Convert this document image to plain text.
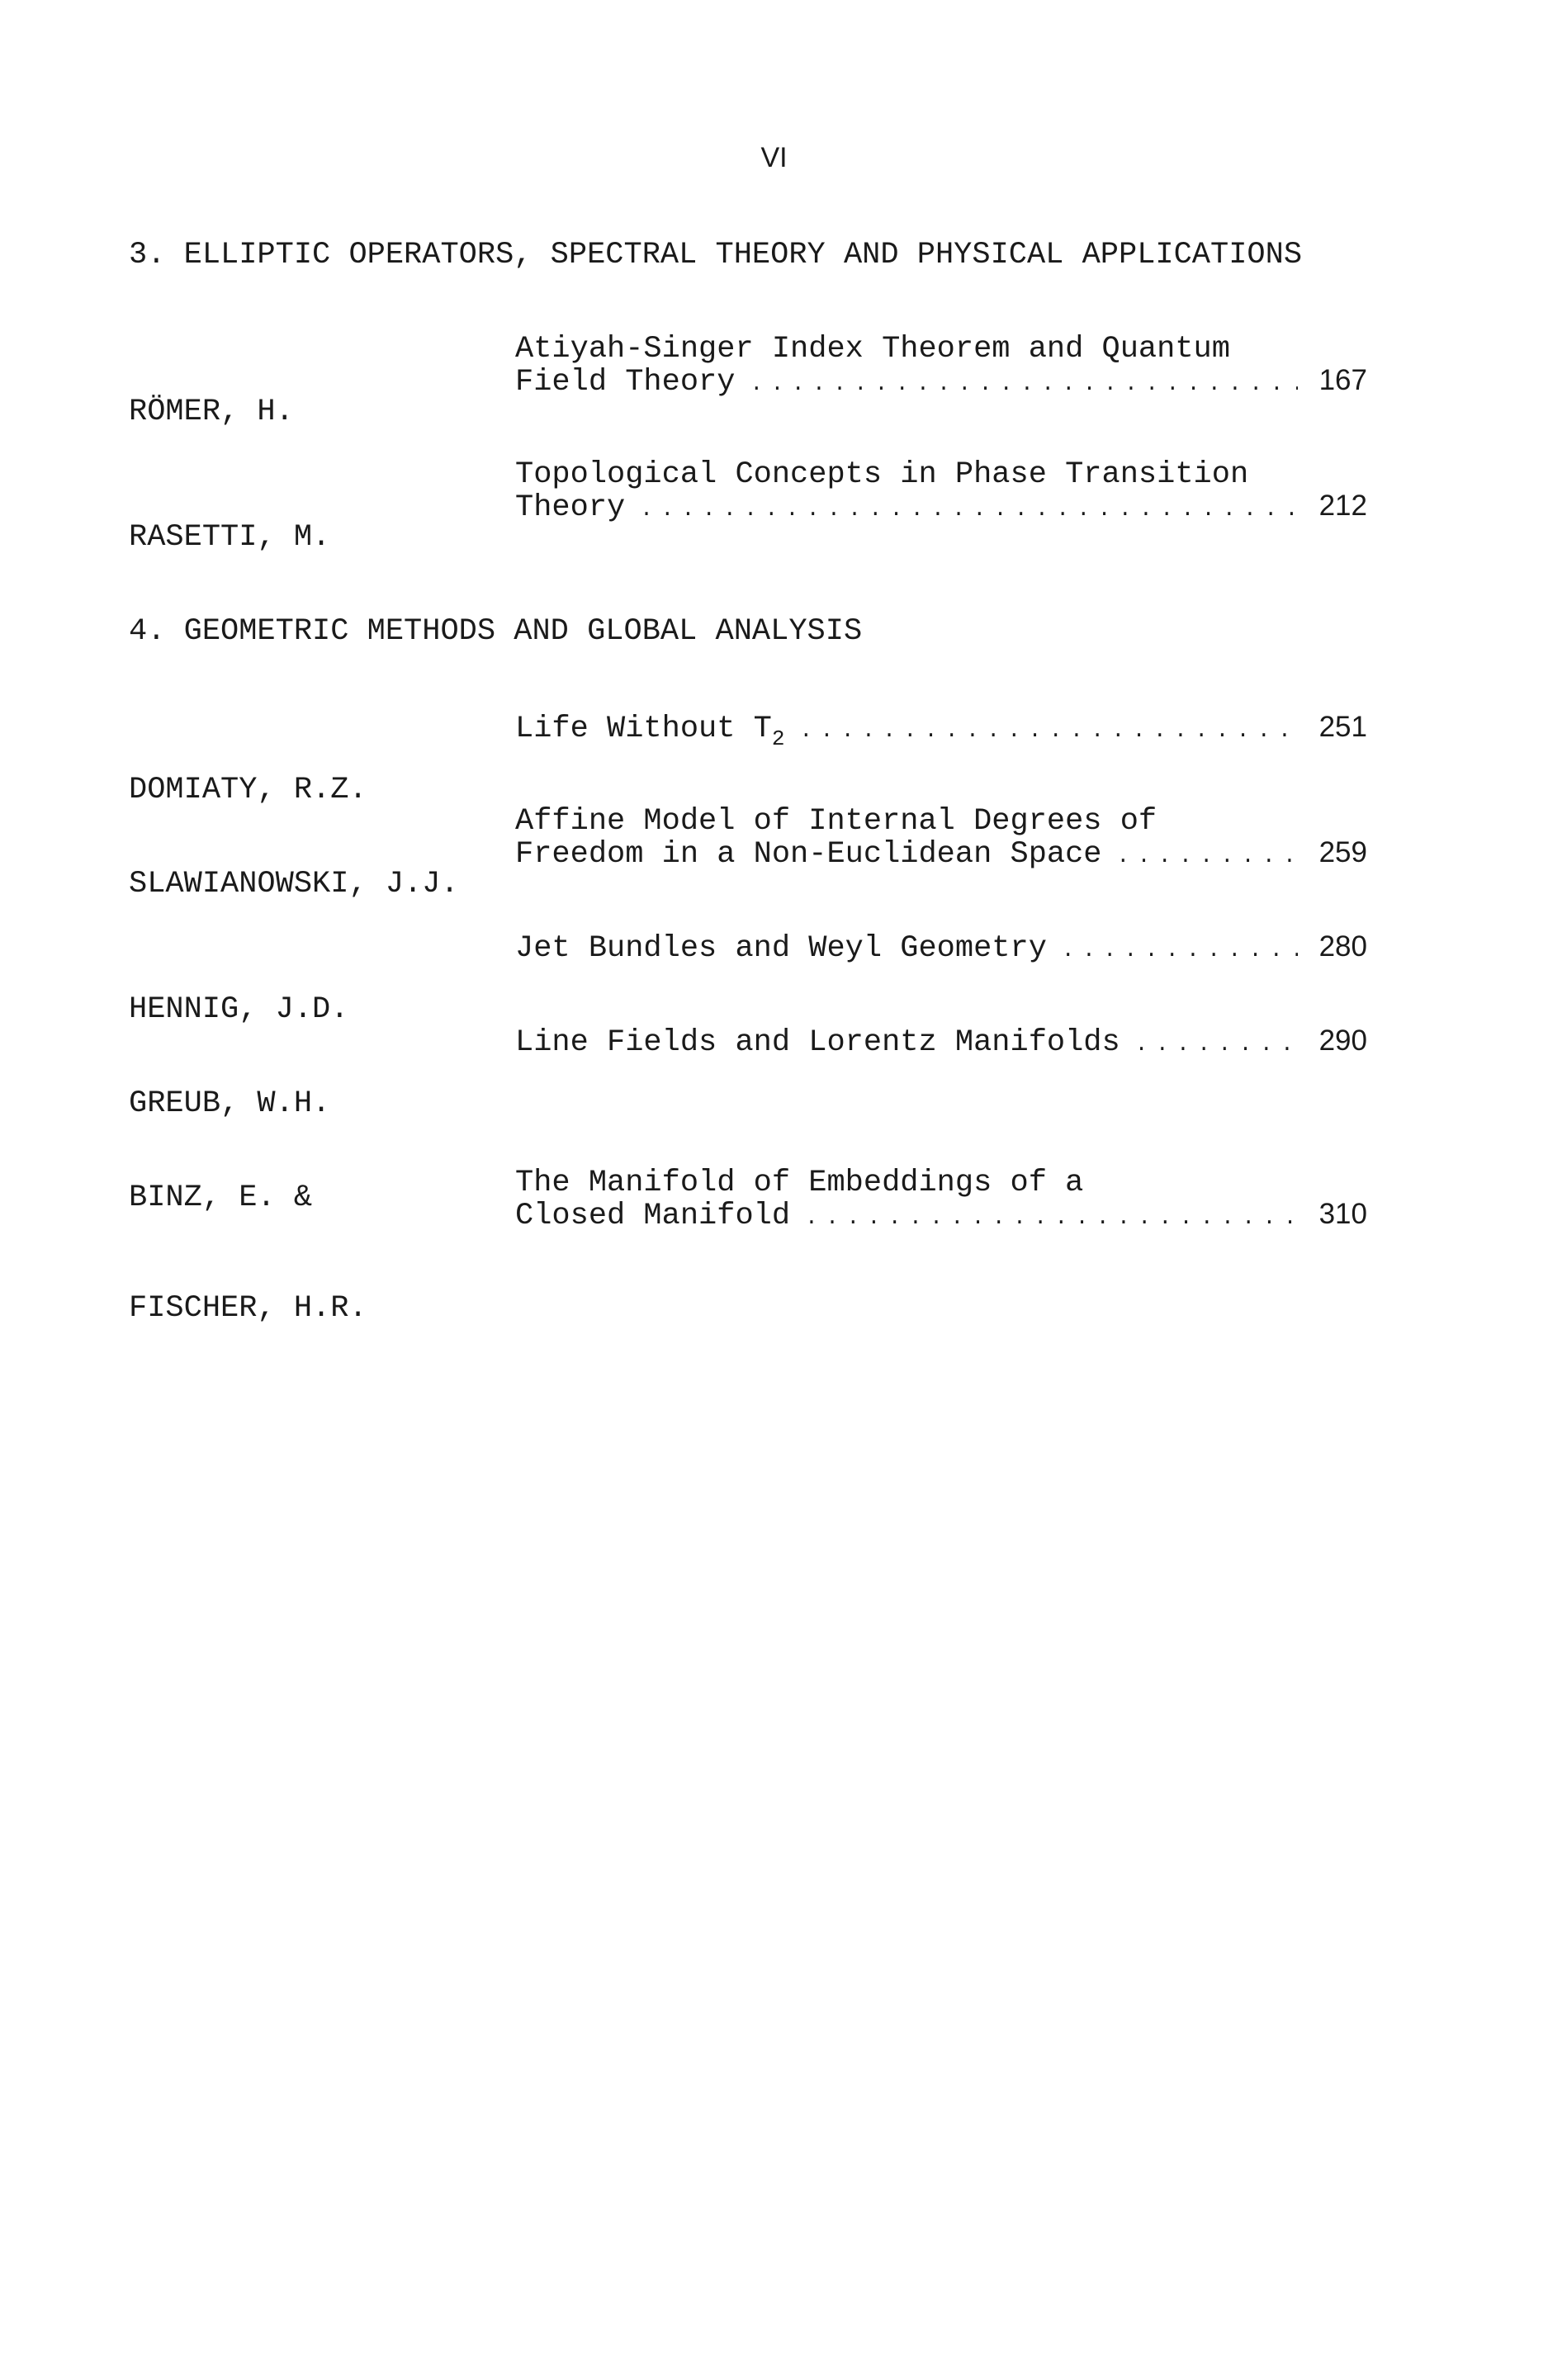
VI
3. ELLIPTIC OPERATORS, SPECTRAL THEORY AND PHYSICAL APPLICATIONS

RÖMER, H.

Atiyah-Singer Index Theorem and Quantum
Field Theory . . .	167

RASETTI, M.

Topological Concepts in Phase Transition
Theory . . .	212
4. GEOMETRIC METHODS AND GLOBAL ANALYSIS

DOMIATY, R.Z.

Life Without $T_2$ . . .	251

SLAWIANOWSKI, J.J.

Affine Model of Internal Degrees of
Freedom in a Non-Euclidean Space . . .	259

HENNIG, J.D.

Jet Bundles and Weyl Geometry . . .	280

GREUB, W.H.

Line Fields and Lorentz Manifolds . . .	290

BINZ, E. &

FISCHER, H.R.

The Manifold of Embeddings of a
Closed Manifold . . .	310
